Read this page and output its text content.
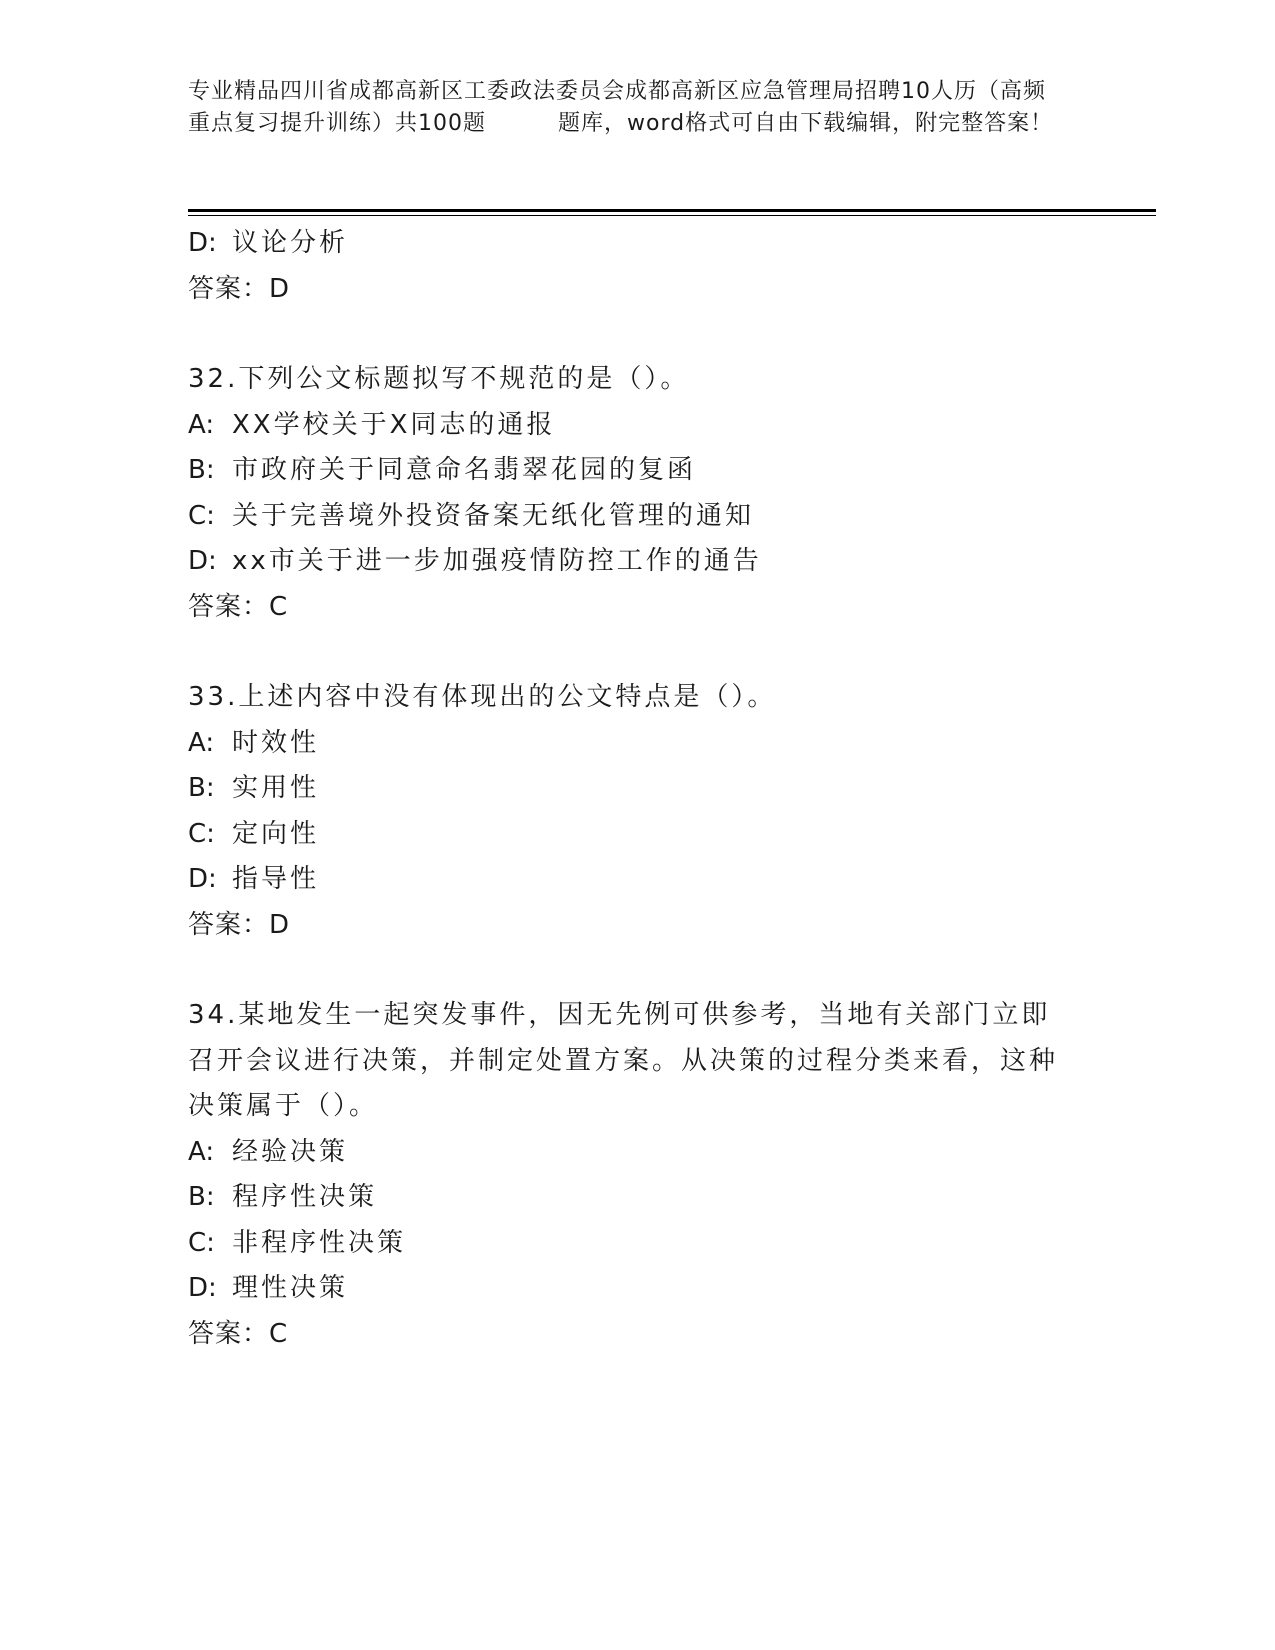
专业精品四川省成都高新区工委政法委员会成都高新区应急管理局招聘10人历（高频重点复习提升训练）共100题	题库，word格式可自由下载编辑，附完整答案！
D: 议论分析
答案：D
32.下列公文标题拟写不规范的是（）。
A: XX学校关于X同志的通报
B: 市政府关于同意命名翡翠花园的复函
C: 关于完善境外投资备案无纸化管理的通知
D: xx市关于进一步加强疫情防控工作的通告
答案：C
33.上述内容中没有体现出的公文特点是（）。
A: 时效性
B: 实用性
C: 定向性
D: 指导性
答案：D
34.某地发生一起突发事件，因无先例可供参考，当地有关部门立即召开会议进行决策，并制定处置方案。从决策的过程分类来看，这种决策属于（）。
A: 经验决策
B: 程序性决策
C: 非程序性决策
D: 理性决策
答案：C
